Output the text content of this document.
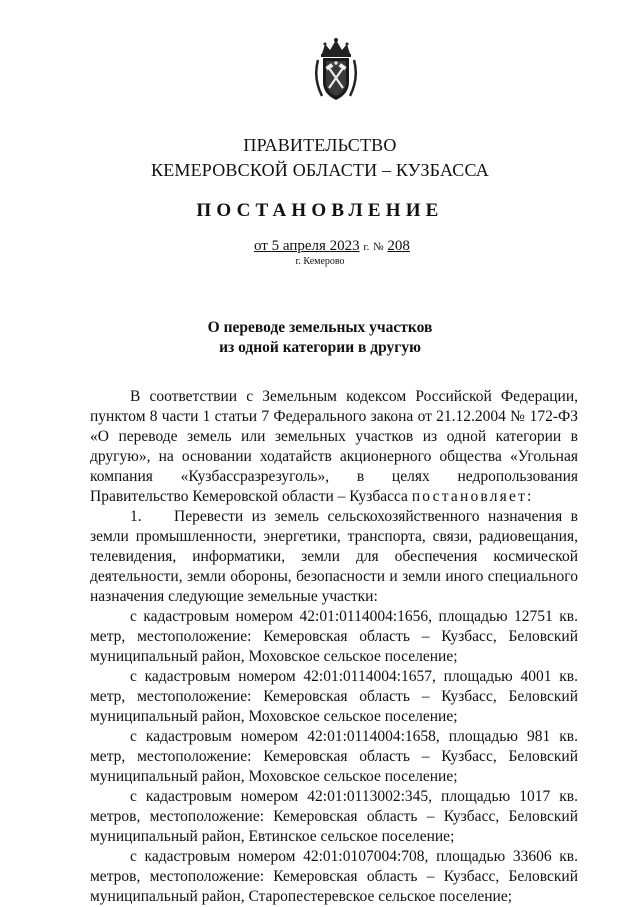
ПРАВИТЕЛЬСТВО
КЕМЕРОВСКОЙ ОБЛАСТИ – КУЗБАССА
ПОСТАНОВЛЕНИЕ
от 5 апреля 2023 г. № 208
г. Кемерово
О переводе земельных участков
из одной категории в другую

В соответствии с Земельным кодексом Российской Федерации, пунктом 8 части 1 статьи 7 Федерального закона от 21.12.2004 № 172-ФЗ «О переводе земель или земельных участков из одной категории в другую», на основании ходатайств акционерного общества «Угольная компания «Кузбассразрезуголь», в целях недропользования Правительство Кемеровской области – Кузбасса постановляет:

1. Перевести из земель сельскохозяйственного назначения в земли промышленности, энергетики, транспорта, связи, радиовещания, телевидения, информатики, земли для обеспечения космической деятельности, земли обороны, безопасности и земли иного специального назначения следующие земельные участки:

с кадастровым номером 42:01:0114004:1656, площадью 12751 кв. метр, местоположение: Кемеровская область – Кузбасс, Беловский муниципальный район, Моховское сельское поселение;

с кадастровым номером 42:01:0114004:1657, площадью 4001 кв. метр, местоположение: Кемеровская область – Кузбасс, Беловский муниципальный район, Моховское сельское поселение;

с кадастровым номером 42:01:0114004:1658, площадью 981 кв. метр, местоположение: Кемеровская область – Кузбасс, Беловский муниципальный район, Моховское сельское поселение;

с кадастровым номером 42:01:0113002:345, площадью 1017 кв. метров, местоположение: Кемеровская область – Кузбасс, Беловский муниципальный район, Евтинское сельское поселение;

с кадастровым номером 42:01:0107004:708, площадью 33606 кв. метров, местоположение: Кемеровская область – Кузбасс, Беловский муниципальный район, Старопестеревское сельское поселение;
